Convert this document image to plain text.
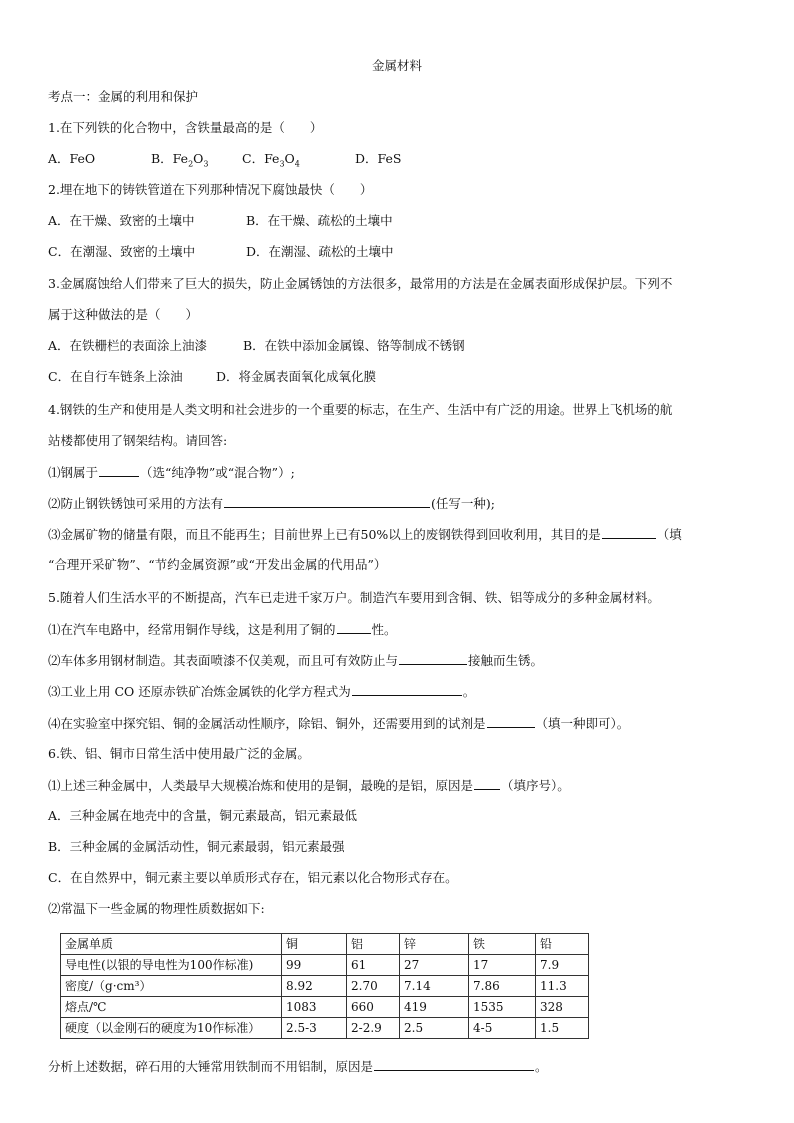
金属材料
考点一：金属的利用和保护
1.在下列铁的化合物中，含铁量最高的是（　　）
A．FeO	B．$Fe_2O_3$	C．$Fe_3O_4$	D．FeS
2.埋在地下的铸铁管道在下列那种情况下腐蚀最快（　　）
A．在干燥、致密的土壤中	B．在干燥、疏松的土壤中
C．在潮湿、致密的土壤中	D．在潮湿、疏松的土壤中
3.金属腐蚀给人们带来了巨大的损失，防止金属锈蚀的方法很多，最常用的方法是在金属表面形成保护层。下列不
属于这种做法的是（　　）
A．在铁栅栏的表面涂上油漆	B．在铁中添加金属镍、铬等制成不锈钢
C．在自行车链条上涂油	D．将金属表面氧化成氧化膜
4.钢铁的生产和使用是人类文明和社会进步的一个重要的标志，在生产、生活中有广泛的用途。世界上飞机场的航
站楼都使用了钢架结构。请回答:
⑴钢属于	（选“纯净物”或“混合物”）;
⑵防止钢铁锈蚀可采用的方法有	(任写一种);
⑶金属矿物的储量有限，而且不能再生；目前世界上已有50%以上的废钢铁得到回收利用，其目的是	（填
“合理开采矿物”、“节约金属资源”或“开发出金属的代用品”）
5.随着人们生活水平的不断提高，汽车已走进千家万户。制造汽车要用到含铜、铁、铝等成分的多种金属材料。
⑴在汽车电路中，经常用铜作导线，这是利用了铜的	性。
⑵车体多用钢材制造。其表面喷漆不仅美观，而且可有效防止与	接触而生锈。
⑶工业上用 CO 还原赤铁矿冶炼金属铁的化学方程式为	。
⑷在实验室中探究铝、铜的金属活动性顺序，除铝、铜外，还需要用到的试剂是	（填一种即可）。
6.铁、铝、铜市日常生活中使用最广泛的金属。
⑴上述三种金属中，人类最早大规模冶炼和使用的是铜，最晚的是铝，原因是 （填序号）。
A．三种金属在地壳中的含量，铜元素最高，铝元素最低
B．三种金属的金属活动性，铜元素最弱，铝元素最强
C．在自然界中，铜元素主要以单质形式存在，铝元素以化合物形式存在。
⑵常温下一些金属的物理性质数据如下:
金属单质	铜	铝	锌	铁	铅
导电性(以银的导电性为100作标准)	99	61	27	17	7.9
密度/（g·cm³）	8.92	2.70	7.14	7.86	11.3
熔点/℃	1083	660	419	1535	328
硬度（以金刚石的硬度为10作标准）	2.5-3	2-2.9	2.5	4-5	1.5
分析上述数据，碎石用的大锤常用铁制而不用铝制，原因是	。
